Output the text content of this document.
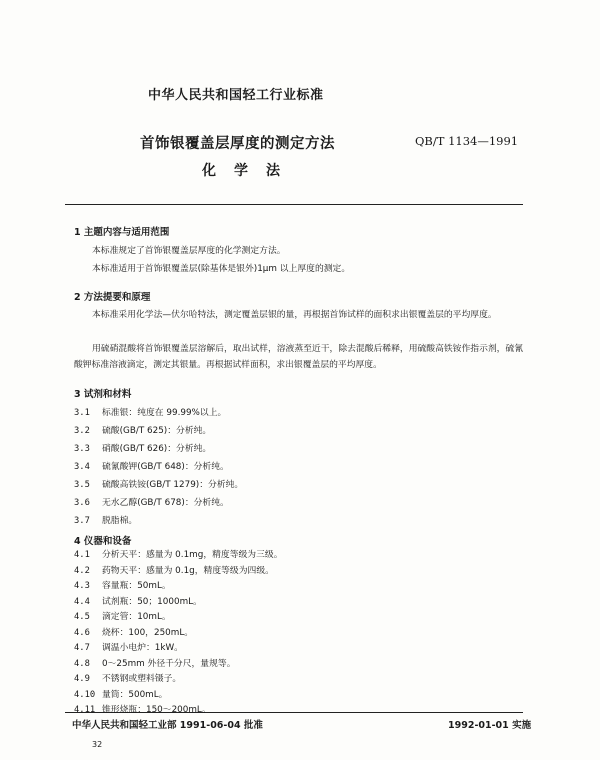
中华人民共和国轻工行业标准
首饰银覆盖层厚度的测定方法	QB/T 1134—1991
化学法
1 主题内容与适用范围
本标准规定了首饰银覆盖层厚度的化学测定方法。
本标准适用于首饰银覆盖层(除基体是银外)1μm 以上厚度的测定。
2 方法提要和原理
本标准采用化学法—伏尔哈特法，测定覆盖层银的量，再根据首饰试样的面积求出银覆盖层的平均厚度。
用硫硝混酸将首饰银覆盖层溶解后，取出试样，溶液蒸至近干，除去混酸后稀释，用硫酸高铁铵作指示剂，硫氰酸钾标准溶液滴定，测定其银量。再根据试样面积，求出银覆盖层的平均厚度。
3 试剂和材料
3.1 标准银：纯度在 99.99%以上。
3.2 硫酸(GB/T 625)：分析纯。
3.3 硝酸(GB/T 626)：分析纯。
3.4 硫氰酸钾(GB/T 648)：分析纯。
3.5 硫酸高铁铵(GB/T 1279)：分析纯。
3.6 无水乙醇(GB/T 678)：分析纯。
3.7 脱脂棉。
4 仪器和设备
4.1 分析天平：感量为 0.1mg，精度等级为三级。
4.2 药物天平：感量为 0.1g，精度等级为四级。
4.3 容量瓶：50mL。
4.4 试剂瓶：50；1000mL。
4.5 滴定管：10mL。
4.6 烧杯：100，250mL。
4.7 调温小电炉：1kW。
4.8 0～25mm 外径千分尺，量规等。
4.9 不锈钢或塑料镊子。
中华人民共和国轻工业部 1991-06-04 批准	1992-01-01 实施
32
4.10 量筒：500mL。
4.11 锥形烧瓶：150～200mL。
